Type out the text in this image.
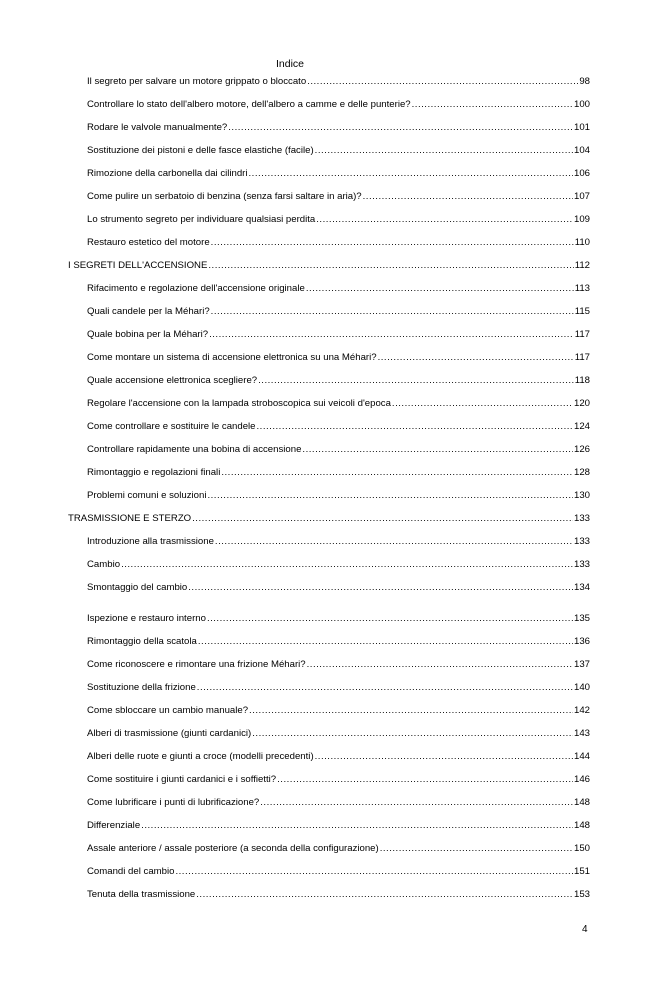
Indice
Il segreto per salvare un motore grippato o bloccato .....	98
Controllare lo stato dell'albero motore, dell'albero a camme e delle punterie? .....	100
Rodare le valvole manualmente? .....	101
Sostituzione dei pistoni e delle fasce elastiche (facile) .....	104
Rimozione della carbonella dai cilindri .....	106
Come pulire un serbatoio di benzina (senza farsi saltare in aria)? .....	107
Lo strumento segreto per individuare qualsiasi perdita .....	109
Restauro estetico del motore .....	110
I SEGRETI DELL'ACCENSIONE .....	112
Rifacimento e regolazione dell'accensione originale .....	113
Quali candele per la Méhari? .....	115
Quale bobina per la Méhari? .....	117
Come montare un sistema di accensione elettronica su una Méhari? .....	117
Quale accensione elettronica scegliere? .....	118
Regolare l'accensione con la lampada stroboscopica sui veicoli d'epoca .....	120
Come controllare e sostituire le candele .....	124
Controllare rapidamente una bobina di accensione .....	126
Rimontaggio e regolazioni finali .....	128
Problemi comuni e soluzioni .....	130
TRASMISSIONE E STERZO .....	133
Introduzione alla trasmissione .....	133
Cambio .....	133
Smontaggio del cambio .....	134
Ispezione e restauro interno .....	135
Rimontaggio della scatola .....	136
Come riconoscere e rimontare una frizione Méhari? .....	137
Sostituzione della frizione .....	140
Come sbloccare un cambio manuale? .....	142
Alberi di trasmissione (giunti cardanici) .....	143
Alberi delle ruote e giunti a croce (modelli precedenti) .....	144
Come sostituire i giunti cardanici e i soffietti? .....	146
Come lubrificare i punti di lubrificazione? .....	148
Differenziale .....	148
Assale anteriore / assale posteriore (a seconda della configurazione) .....	150
Comandi del cambio .....	151
Tenuta della trasmissione .....	153
4
